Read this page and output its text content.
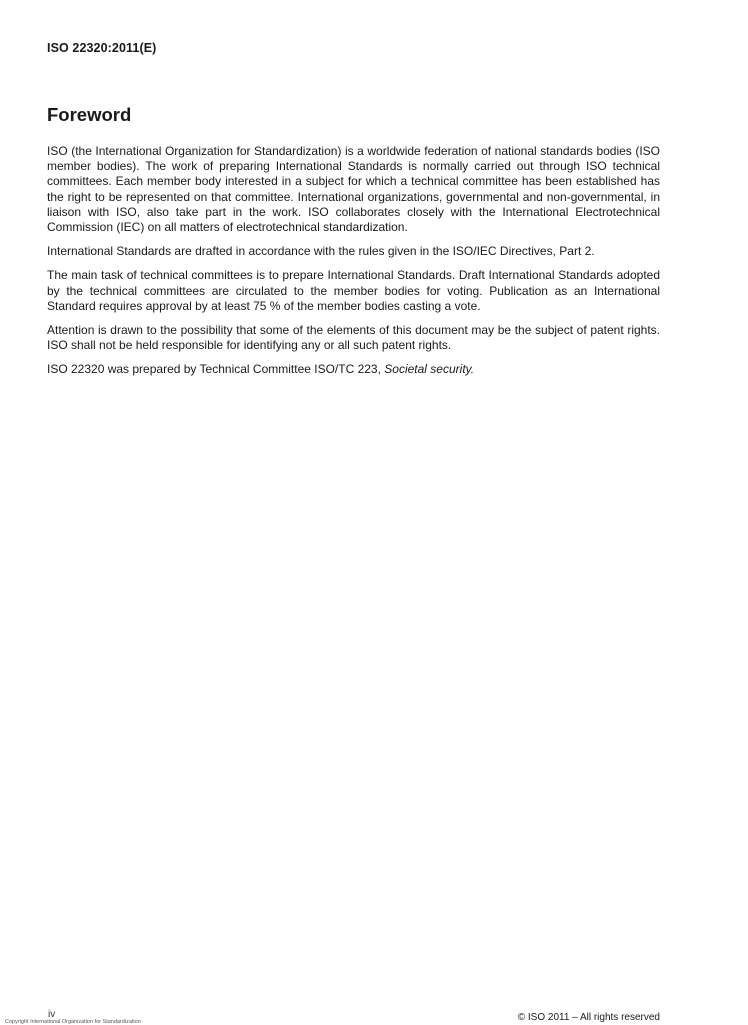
ISO 22320:2011(E)
Foreword

ISO (the International Organization for Standardization) is a worldwide federation of national standards bodies (ISO member bodies). The work of preparing International Standards is normally carried out through ISO technical committees. Each member body interested in a subject for which a technical committee has been established has the right to be represented on that committee. International organizations, governmental and non-governmental, in liaison with ISO, also take part in the work. ISO collaborates closely with the International Electrotechnical Commission (IEC) on all matters of electrotechnical standardization.

International Standards are drafted in accordance with the rules given in the ISO/IEC Directives, Part 2.

The main task of technical committees is to prepare International Standards. Draft International Standards adopted by the technical committees are circulated to the member bodies for voting. Publication as an International Standard requires approval by at least 75 % of the member bodies casting a vote.

Attention is drawn to the possibility that some of the elements of this document may be the subject of patent rights. ISO shall not be held responsible for identifying any or all such patent rights.

ISO 22320 was prepared by Technical Committee ISO/TC 223, Societal security.

iv
Copyright International Organization for Standardization	© ISO 2011 – All rights reserved
